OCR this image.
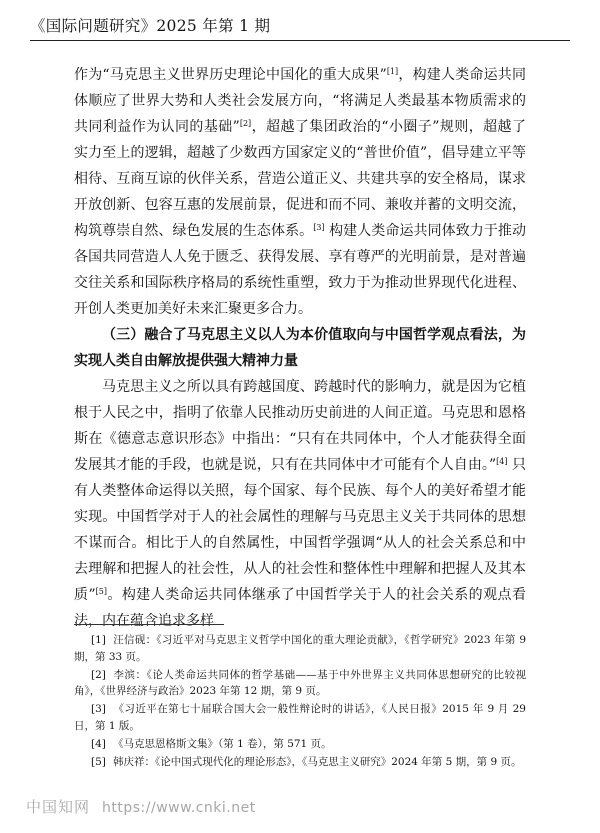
《国际问题研究》2025 年第 1 期

作为“马克思主义世界历史理论中国化的重大成果”[1]，构建人类命运共同体顺应了世界大势和人类社会发展方向，“将满足人类最基本物质需求的共同利益作为认同的基础”[2]，超越了集团政治的“小圈子”规则，超越了实力至上的逻辑，超越了少数西方国家定义的“普世价值”，倡导建立平等相待、互商互谅的伙伴关系，营造公道正义、共建共享的安全格局，谋求开放创新、包容互惠的发展前景，促进和而不同、兼收并蓄的文明交流，构筑尊崇自然、绿色发展的生态体系。[3] 构建人类命运共同体致力于推动各国共同营造人人免于匮乏、获得发展、享有尊严的光明前景，是对普遍交往关系和国际秩序格局的系统性重塑，致力于为推动世界现代化进程、开创人类更加美好未来汇聚更多合力。

（三）融合了马克思主义以人为本价值取向与中国哲学观点看法，为实现人类自由解放提供强大精神力量

马克思主义之所以具有跨越国度、跨越时代的影响力，就是因为它植根于人民之中，指明了依靠人民推动历史前进的人间正道。马克思和恩格斯在《德意志意识形态》中指出：“只有在共同体中，个人才能获得全面发展其才能的手段，也就是说，只有在共同体中才可能有个人自由。”[4] 只有人类整体命运得以关照，每个国家、每个民族、每个人的美好希望才能实现。中国哲学对于人的社会属性的理解与马克思主义关于共同体的思想不谋而合。相比于人的自然属性，中国哲学强调“从人的社会关系总和中去理解和把握人的社会性，从人的社会性和整体性中理解和把握人及其本质”[5]。构建人类命运共同体继承了中国哲学关于人的社会关系的观点看法，内在蕴含追求多样

[1] 汪信砚：《习近平对马克思主义哲学中国化的重大理论贡献》，《哲学研究》2023 年第 9 期，第 33 页。

[2] 李滨：《论人类命运共同体的哲学基础——基于中外世界主义共同体思想研究的比较视角》，《世界经济与政治》2023 年第 12 期，第 9 页。

[3] 《习近平在第七十届联合国大会一般性辩论时的讲话》，《人民日报》2015 年 9 月 29 日，第 1 版。

[4] 《马克思恩格斯文集》（第 1 卷），第 571 页。

[5] 韩庆祥：《论中国式现代化的理论形态》，《马克思主义研究》2024 年第 5 期，第 9 页。

中国知网 https://www.cnki.net
